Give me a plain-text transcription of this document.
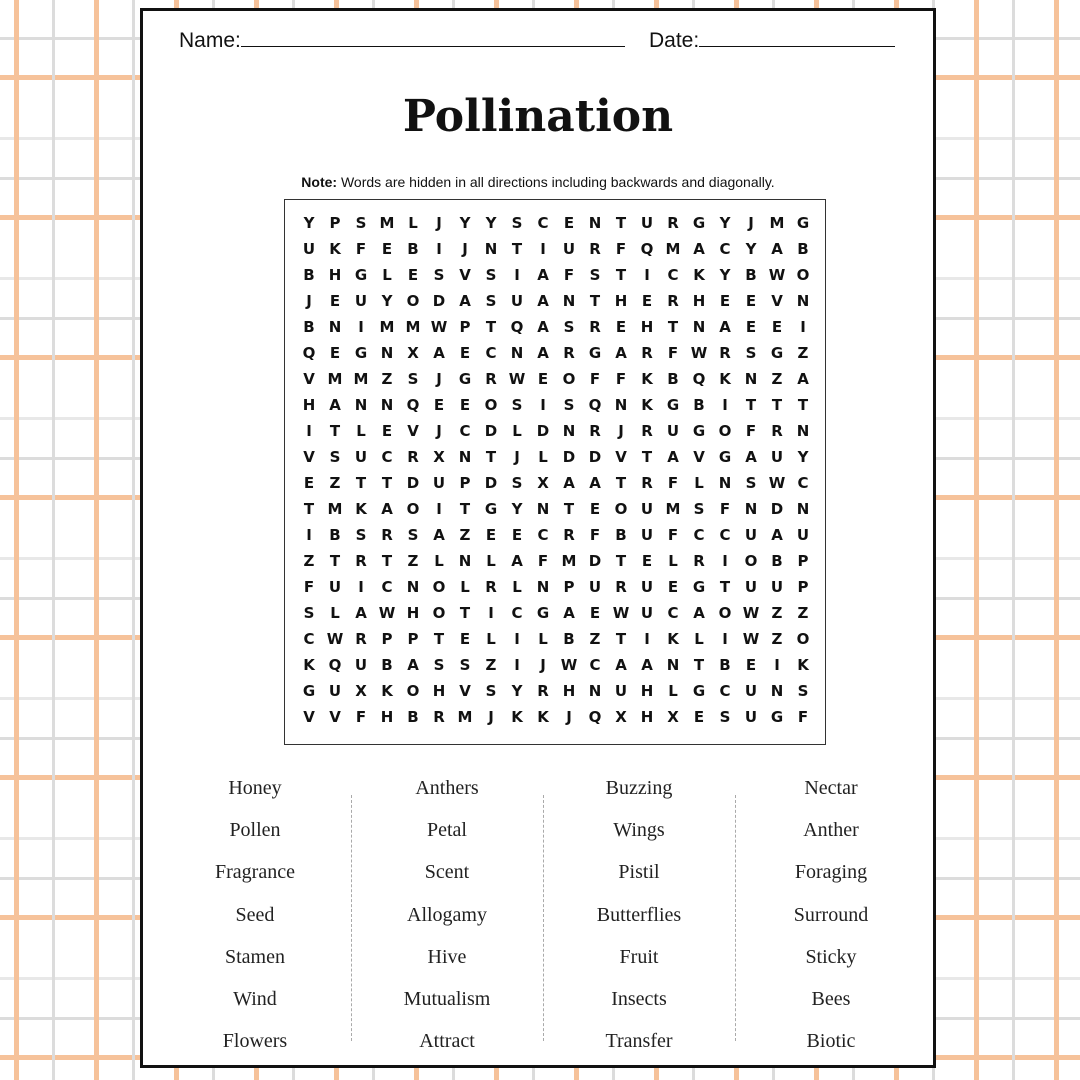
Name:	Date:
Pollination
Note: Words are hidden in all directions including backwards and diagonally.
Y	P	S M L	J	Y	Y	S	C	E N T U R G Y	J	M G
U K	F	E	B	I	J	N T	I	U R	F Q M A C	Y A B
B H G	L	E	S V S	I	A	F	S	T	I	C K Y B W O
J	E U Y O D A S U A N T H E	R H E	E	V N
B N	I	M M W P	T Q A S R	E H T N A	E	E	I
Q E G N X A	E	C N A R G A R	F W R S G Z
V M M Z	S	J	G R W E O F	F	K B Q K N Z A
H A N N Q E	E O S	I	S Q N K G B	I	T	T	T
I	T	L	E	V	J	C D	L D N R	J	R U G O F	R N
V S U C R X N T	J	L D D V	T	A V G A U Y
E	Z	T	T D U P D S X A A	T	R	F	L N S W C
T M K A O	I	T G Y N T	E O U M S	F N D N
I	B S R S A Z	E	E	C R	F	B U F	C C U A U
Z	T	R	T	Z	L N L	A	F M D T	E	L	R	I	O B P
F U	I	C N O L	R	L N P U R U E G T U U P
S	L	A W H O T	I	C G A	E W U C A O W Z	Z
C W R P	P	T	E	L	I	L	B Z	T	I	K	L	I W Z O
K Q U B A S	S	Z	I	J W C A A N T	B	E	I	K
G U X K O H V S	Y R H N U H L	G C U N S
V V	F H B R M	J	K K	J	Q X H X	E	S U G F
Honey
Pollen
Fragrance
Seed
Stamen
Wind
Flowers
Anthers
Petal
Scent
Allogamy
Hive
Mutualism
Attract
Buzzing
Wings
Pistil
Butterflies
Fruit
Insects
Transfer
Nectar
Anther
Foraging
Surround
Sticky
Bees
Biotic
